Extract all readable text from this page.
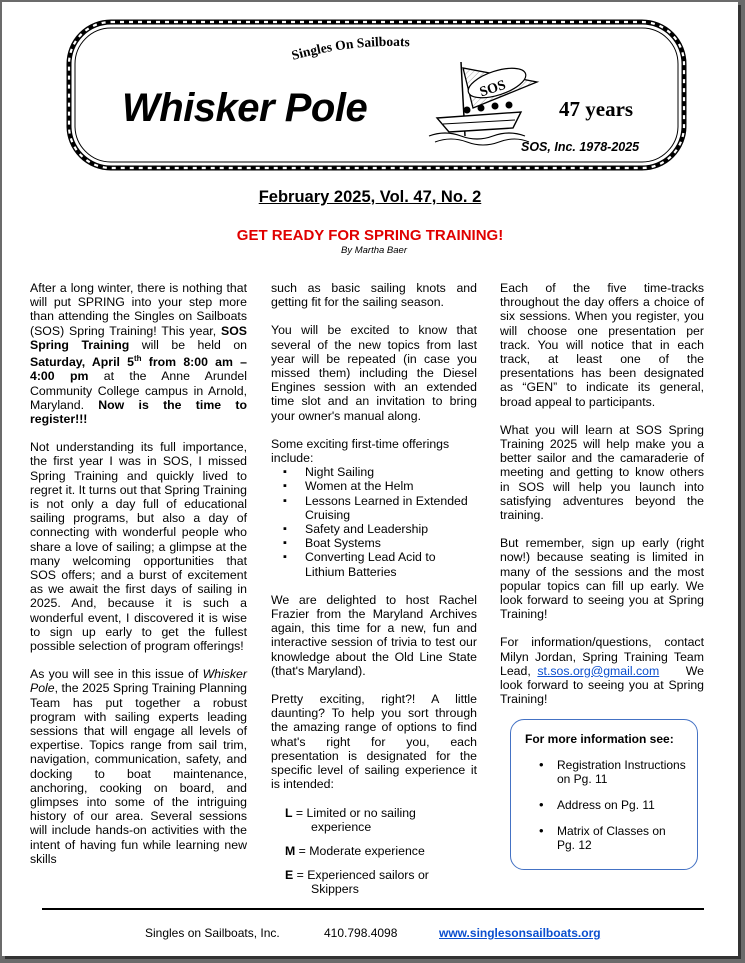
Singles On Sailboats
SOS
Whisker Pole	47 years
SOS, Inc. 1978-2025
February 2025, Vol. 47, No. 2
GET READY FOR SPRING TRAINING!
By Martha Baer

After a long winter, there is nothing that will put SPRING into your step more than attending the Singles on Sailboats (SOS) Spring Training! This year, SOS Spring Training will be held on Saturday, April 5th from 8:00 am – 4:00 pm at the Anne Arundel Community College campus in Arnold, Maryland. Now is the time to register!!!

Not understanding its full importance, the first year I was in SOS, I missed Spring Training and quickly lived to regret it. It turns out that Spring Training is not only a day full of educational sailing programs, but also a day of connecting with wonderful people who share a love of sailing; a glimpse at the many welcoming opportunities that SOS offers; and a burst of excitement as we await the first days of sailing in 2025. And, because it is such a wonderful event, I discovered it is wise to sign up early to get the fullest possible selection of program offerings!

As you will see in this issue of Whisker Pole, the 2025 Spring Training Planning Team has put together a robust program with sailing experts leading sessions that will engage all levels of expertise. Topics range from sail trim, navigation, communication, safety, and docking to boat maintenance, anchoring, cooking on board, and glimpses into some of the intriguing history of our area. Several sessions will include hands-on activities with the intent of having fun while learning new skills

such as basic sailing knots and getting fit for the sailing season.

You will be excited to know that several of the new topics from last year will be repeated (in case you missed them) including the Diesel Engines session with an extended time slot and an invitation to bring your owner's manual along.

Some exciting first-time offerings include:

▪ Night Sailing
▪ Women at the Helm
▪ Lessons Learned in Extended Cruising
▪ Safety and Leadership
▪ Boat Systems
▪ Converting Lead Acid to Lithium Batteries

We are delighted to host Rachel Frazier from the Maryland Archives again, this time for a new, fun and interactive session of trivia to test our knowledge about the Old Line State (that's Maryland).

Pretty exciting, right?! A little daunting? To help you sort through the amazing range of options to find what's right for you, each presentation is designated for the specific level of sailing experience it is intended:

L = Limited or no sailing experience
M = Moderate experience
E = Experienced sailors or Skippers

Each of the five time-tracks throughout the day offers a choice of six sessions. When you register, you will choose one presentation per track. You will notice that in each track, at least one of the presentations has been designated as “GEN” to indicate its general, broad appeal to participants.

What you will learn at SOS Spring Training 2025 will help make you a better sailor and the camaraderie of meeting and getting to know others in SOS will help you launch into satisfying adventures beyond the training.

But remember, sign up early (right now!) because seating is limited in many of the sessions and the most popular topics can fill up early. We look forward to seeing you at Spring Training!

For information/questions, contact Milyn Jordan, Spring Training Team Lead, st.sos.org@gmail.com    We look forward to seeing you at Spring Training!

For more information see:
• Registration Instructions on Pg. 11
• Address on Pg. 11
• Matrix of Classes on Pg. 12
Singles on Sailboats, Inc.	410.798.4098	www.singlesonsailboats.org
